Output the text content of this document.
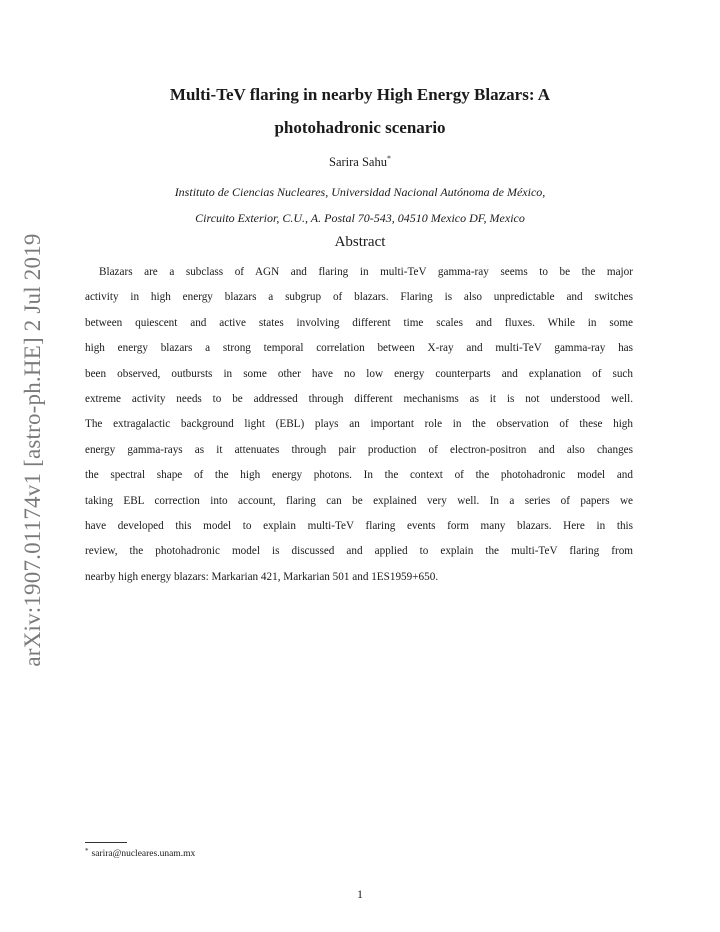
arXiv:1907.01174v1 [astro-ph.HE] 2 Jul 2019
Multi-TeV flaring in nearby High Energy Blazars: A
photohadronic scenario
Sarira Sahu*
Instituto de Ciencias Nucleares, Universidad Nacional Autónoma de México,
Circuito Exterior, C.U., A. Postal 70-543, 04510 Mexico DF, Mexico
Abstract
Blazars are a subclass of AGN and flaring in multi-TeV gamma-ray seems to be the major
activity in high energy blazars a subgrup of blazars. Flaring is also unpredictable and switches
between quiescent and active states involving different time scales and fluxes. While in some
high energy blazars a strong temporal correlation between X-ray and multi-TeV gamma-ray has
been observed, outbursts in some other have no low energy counterparts and explanation of such
extreme activity needs to be addressed through different mechanisms as it is not understood well.
The extragalactic background light (EBL) plays an important role in the observation of these high
energy gamma-rays as it attenuates through pair production of electron-positron and also changes
the spectral shape of the high energy photons. In the context of the photohadronic model and
taking EBL correction into account, flaring can be explained very well. In a series of papers we
have developed this model to explain multi-TeV flaring events form many blazars. Here in this
review, the photohadronic model is discussed and applied to explain the multi-TeV flaring from
nearby high energy blazars: Markarian 421, Markarian 501 and 1ES1959+650.
* sarira@nucleares.unam.mx
1
